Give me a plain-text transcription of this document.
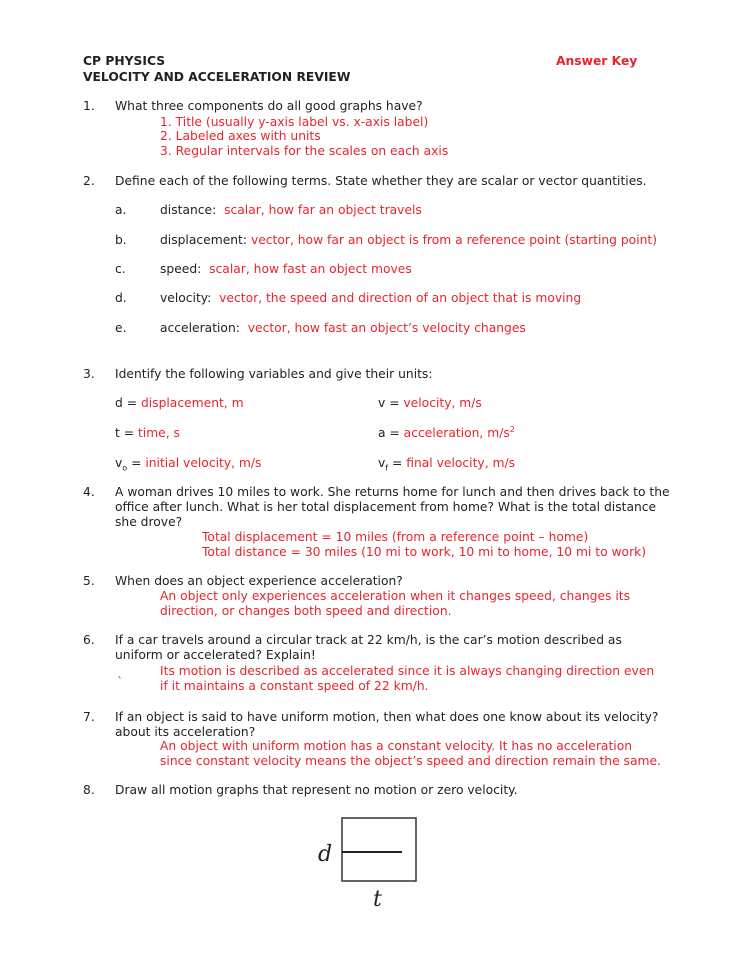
CP PHYSICS
VELOCITY AND ACCELERATION REVIEW
Answer Key
1. What three components do all good graphs have?
1. Title (usually y-axis label vs. x-axis label)
2. Labeled axes with units
3. Regular intervals for the scales on each axis
2. Define each of the following terms. State whether they are scalar or vector quantities.
a.	distance: scalar, how far an object travels
b.	displacement: vector, how far an object is from a reference point (starting point)
c.	speed: scalar, how fast an object moves
d.	velocity: vector, the speed and direction of an object that is moving
e.	acceleration: vector, how fast an object’s velocity changes
3. Identify the following variables and give their units:
d = displacement, m	v = velocity, m/s
t = time, s	a = acceleration, $m/s^2$
$v_o$ = initial velocity, m/s	$v_f$ = final velocity, m/s
4. A woman drives 10 miles to work. She returns home for lunch and then drives back to the
office after lunch. What is her total displacement from home? What is the total distance
she drove?
Total displacement = 10 miles (from a reference point – home)
Total distance = 30 miles (10 mi to work, 10 mi to home, 10 mi to work)
5. When does an object experience acceleration?
An object only experiences acceleration when it changes speed, changes its
direction, or changes both speed and direction.
6. If a car travels around a circular track at 22 km/h, is the car’s motion described as
uniform or accelerated? Explain!
Its motion is described as accelerated since it is always changing direction even
`	if it maintains a constant speed of 22 km/h.
7. If an object is said to have uniform motion, then what does one know about its velocity?
about its acceleration?
An object with uniform motion has a constant velocity. It has no acceleration
since constant velocity means the object’s speed and direction remain the same.
8. Draw all motion graphs that represent no motion or zero velocity.
d
t
